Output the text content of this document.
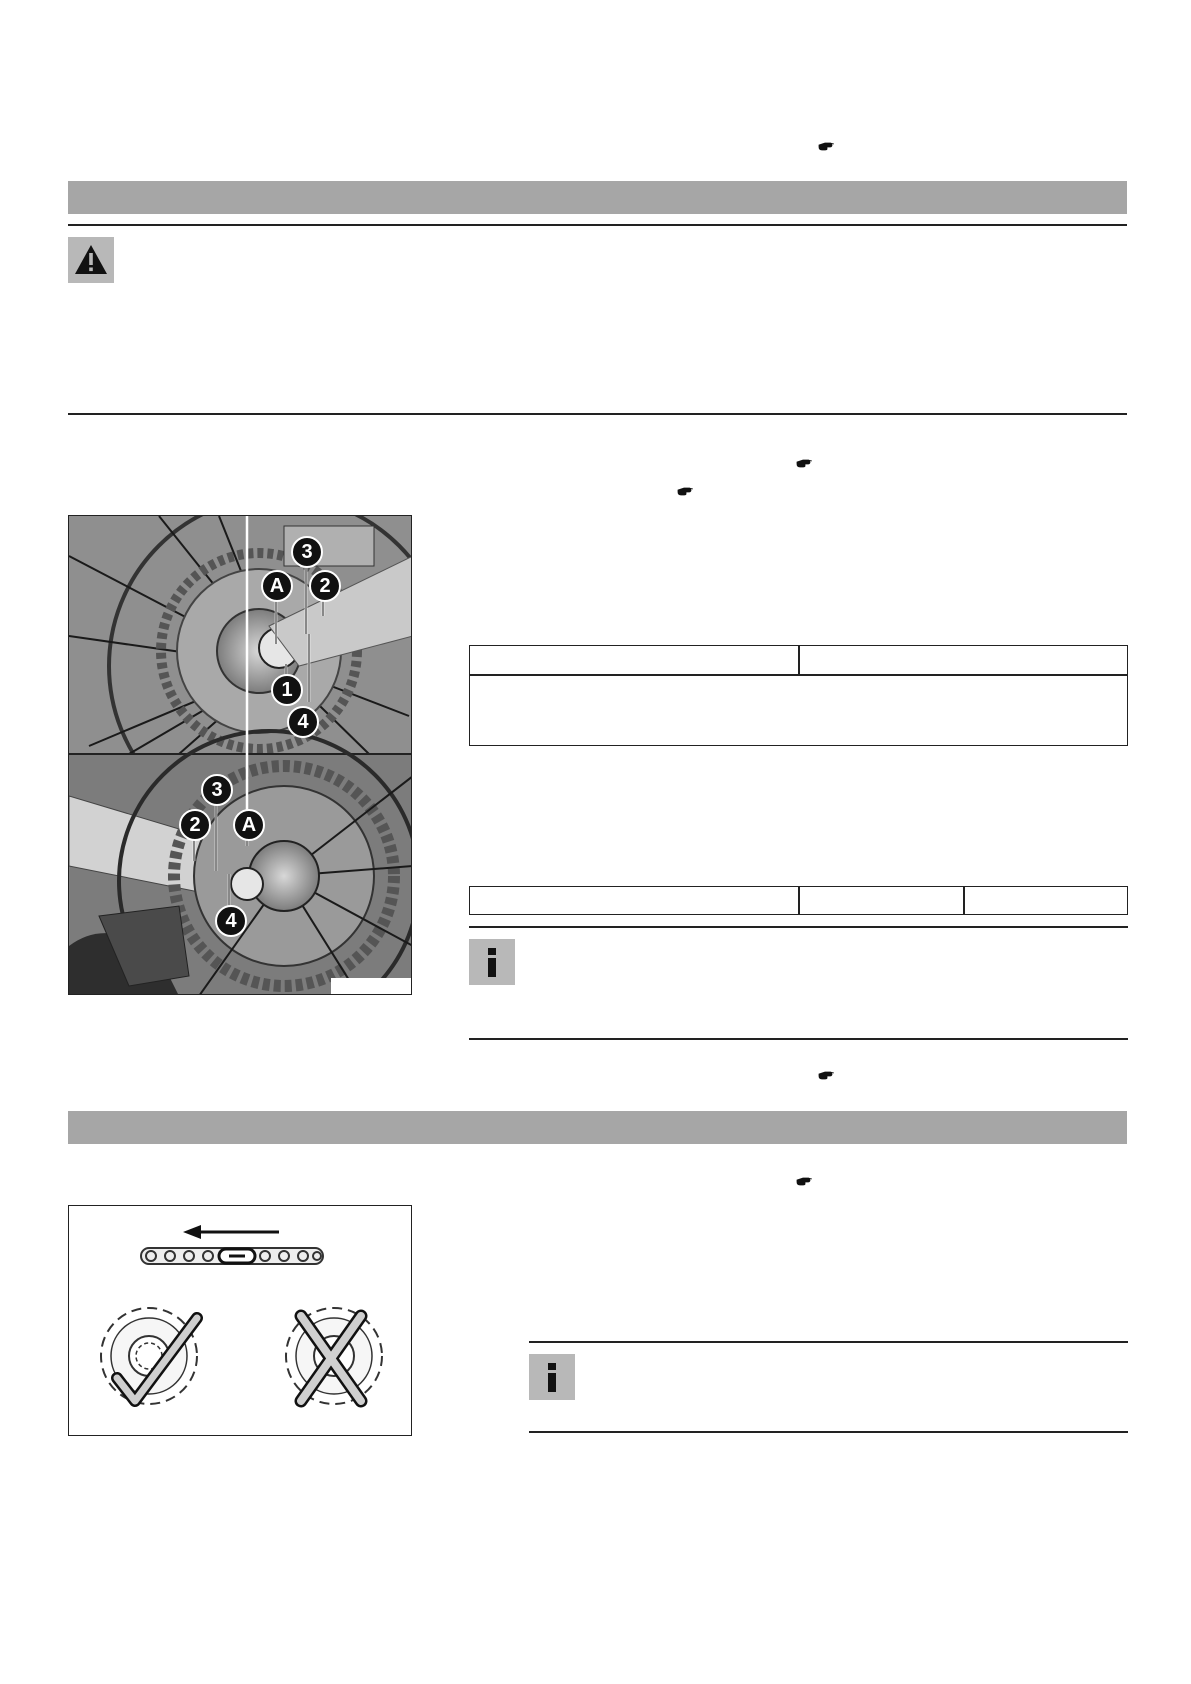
3
2
A
1
4
3
2	A
4
